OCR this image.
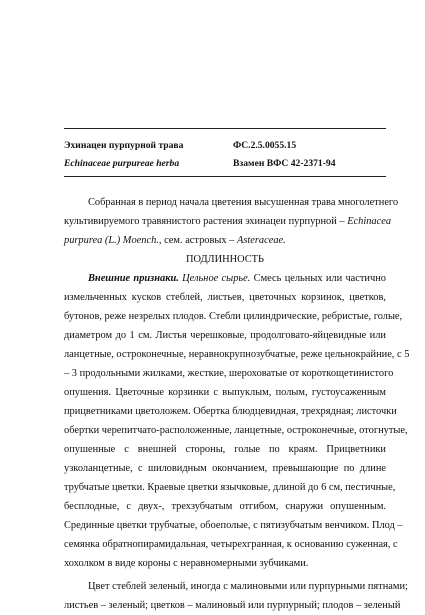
Эхинацеи пурпурной трава	ФС.2.5.0055.15
Echinaceae purpureae herba	Взамен ВФС 42-2371-94
Собранная в период начала цветения высушенная трава многолетнего
культивируемого травянистого растения эхинацеи пурпурной – Echinacea
purpurea (L.) Moench., сем. астровых – Asteraceae.
ПОДЛИННОСТЬ
Внешние признаки. Цельное сырье. Смесь цельных или частично
измельченных кусков стеблей, листьев, цветочных корзинок, цветков,
бутонов, реже незрелых плодов. Стебли цилиндрические, ребристые, голые,
диаметром до 1 см. Листья черешковые, продолговато-яйцевидные или
ланцетные, остроконечные, неравнокрупнозубчатые, реже цельнокрайние, с 5
– 3 продольными жилками, жесткие, шероховатые от короткощетинистого
опушения. Цветочные корзинки с выпуклым, полым, густоусаженным
прицветниками цветоложем. Обертка блюдцевидная, трехрядная; листочки
обертки черепитчато-расположенные, ланцетные, остроконечные, отогнутые,
опушенные с внешней стороны, голые по краям. Прицветники
узколанцетные, с шиловидным окончанием, превышающие по длине
трубчатые цветки. Краевые цветки язычковые, длиной до 6 см, пестичные,
бесплодные, с двух-, трехзубчатым отгибом, снаружи опушенным.
Срединные цветки трубчатые, обоеполые, с пятизубчатым венчиком. Плод –
семянка обратнопирамидальная, четырехгранная, к основанию суженная, с
хохолком в виде короны с неравномерными зубчиками.
Цвет стеблей зеленый, иногда с малиновыми или пурпурными пятнами;
листьев – зеленый; цветков – малиновый или пурпурный; плодов – зеленый
